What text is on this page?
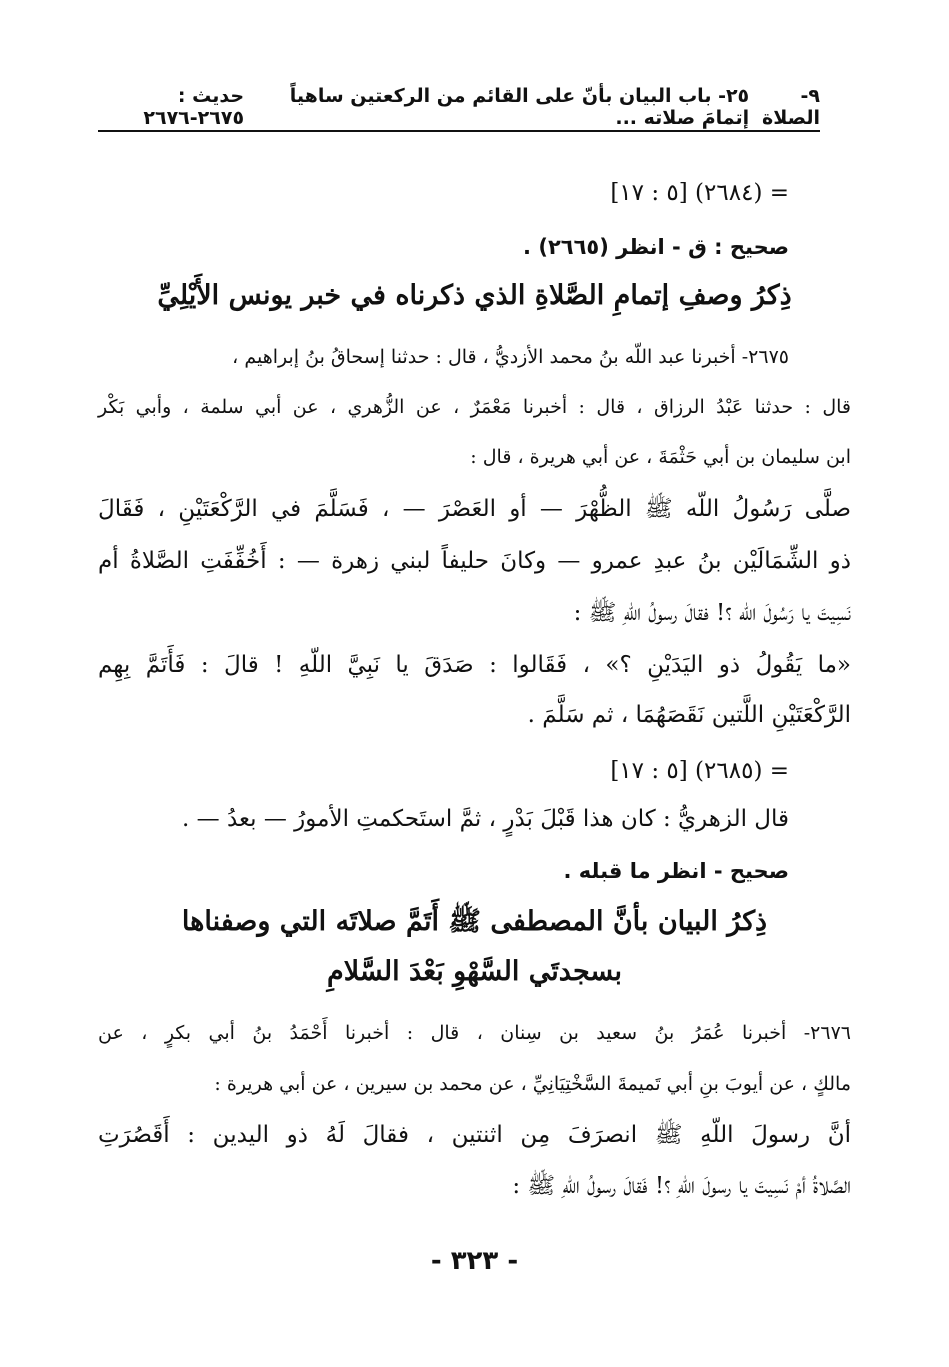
٩- الصلاة
٢٥- باب البيان بأنّ على القائم من الركعتين ساهياً إتمامَ صلاته ...
حديث : ٢٦٧٥-٢٦٧٦
= (٢٦٨٤) [٥ : ١٧]
صحيح : ق - انظر (٢٦٦٥) .
ذِكرُ وصفِ إتمامِ الصَّلاةِ الذي ذكرناه في خبر يونس الأَيْلِيِّ
٢٦٧٥- أخبرنا عبد اللّه بنُ محمد الأزديُّ ، قال : حدثنا إسحاقُ بنُ إبراهيم ،
قال : حدثنا عَبْدُ الرزاق ، قال : أخبرنا مَعْمَرٌ ، عن الزُّهري ، عن أبي سلمة ، وأبي بَكْر
ابن سليمان بن أبي حَثْمَةَ ، عن أبي هريرة ، قال :
صلَّى رَسُولُ اللّه ﷺ الظُّهْرَ — أو العَصْرَ — ، فَسَلَّمَ في الرَّكْعَتَيْنِ ، فَقَالَ
ذو الشِّمَالَيْن بنُ عبدِ عمرو — وكانَ حليفاً لبني زهرة — : أَخُفِّفَتِ الصَّلاةُ أم
نَسِيتَ يا رَسُولَ اللّه ؟! فقالَ رسولُ اللّهِ ﷺ :
«ما يَقُولُ ذو اليَدَيْنِ ؟» ، فَقَالوا : صَدَقَ يا نَبِيَّ اللّهِ ! قالَ : فَأَتَمَّ بِهِم
الرَّكْعَتَيْنِ اللَّتين نَقَصَهُمَا ، ثم سَلَّمَ .
= (٢٦٨٥) [٥ : ١٧]
قال الزهريُّ : كان هذا قَبْلَ بَدْرٍ ، ثمَّ استَحكمتِ الأمورُ — بعدُ — .
صحيح - انظر ما قبله .
ذِكرُ البيان بأنَّ المصطفى ﷺ أَتَمَّ صلاتَه التي وصفناها
بسجدتَي السَّهْوِ بَعْدَ السَّلامِ
٢٦٧٦- أخبرنا عُمَرُ بنُ سعيد بن سِنان ، قال : أخبرنا أَحْمَدُ بنُ أبي بكرٍ ، عن
مالكٍ ، عن أيوبَ بنِ أبي تَميمةَ السَّخْتِيَانِيِّ ، عن محمد بن سيرين ، عن أبي هريرة :
أنَّ رسولَ اللّهِ ﷺ انصرَفَ مِن اثنتين ، فقالَ لَهُ ذو اليدين : أَقَصُرَتِ
الصَّلاةُ أمْ نَسِيتَ يا رسولَ اللّهِ ؟! فَقالَ رسولُ اللّهِ ﷺ :
- ٣٢٣ -
